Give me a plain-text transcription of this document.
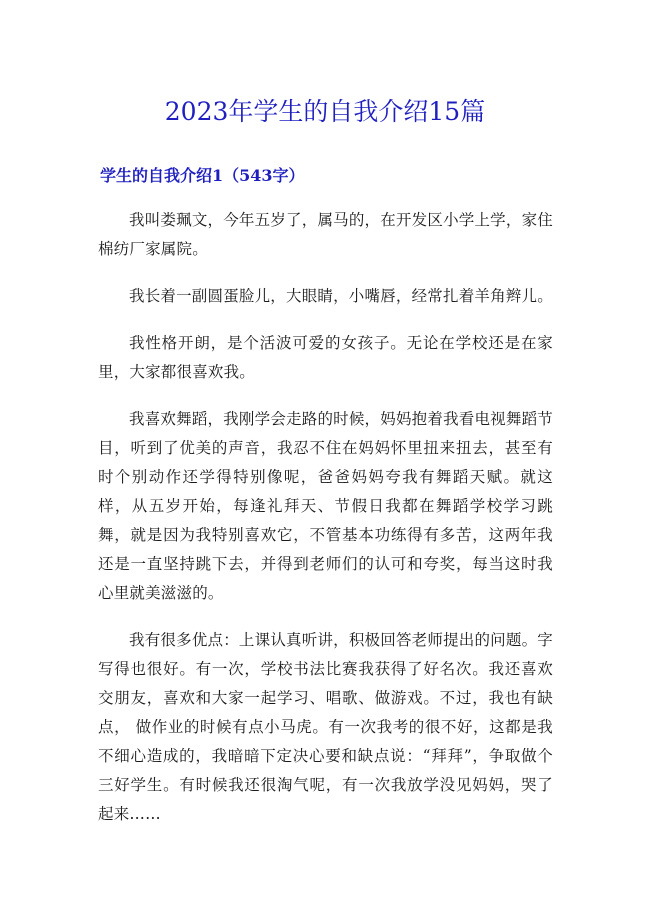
2023年学生的自我介绍15篇
学生的自我介绍1（543字）

我叫娄珮文，今年五岁了，属马的，在开发区小学上学，家住棉纺厂家属院。

我长着一副圆蛋脸儿，大眼睛，小嘴唇，经常扎着羊角辫儿。

我性格开朗，是个活波可爱的女孩子。无论在学校还是在家里，大家都很喜欢我。

我喜欢舞蹈，我刚学会走路的时候，妈妈抱着我看电视舞蹈节目，听到了优美的声音，我忍不住在妈妈怀里扭来扭去，甚至有时个别动作还学得特别像呢，爸爸妈妈夸我有舞蹈天赋。就这样，从五岁开始，每逢礼拜天、节假日我都在舞蹈学校学习跳舞，就是因为我特别喜欢它，不管基本功练得有多苦，这两年我还是一直坚持跳下去，并得到老师们的认可和夸奖，每当这时我心里就美滋滋的。

我有很多优点：上课认真听讲，积极回答老师提出的问题。字写得也很好。有一次，学校书法比赛我获得了好名次。我还喜欢交朋友，喜欢和大家一起学习、唱歌、做游戏。不过，我也有缺点， 做作业的时候有点小马虎。有一次我考的很不好，这都是我不细心造成的，我暗暗下定决心要和缺点说：“拜拜”，争取做个三好学生。有时候我还很淘气呢，有一次我放学没见妈妈，哭了起来……
